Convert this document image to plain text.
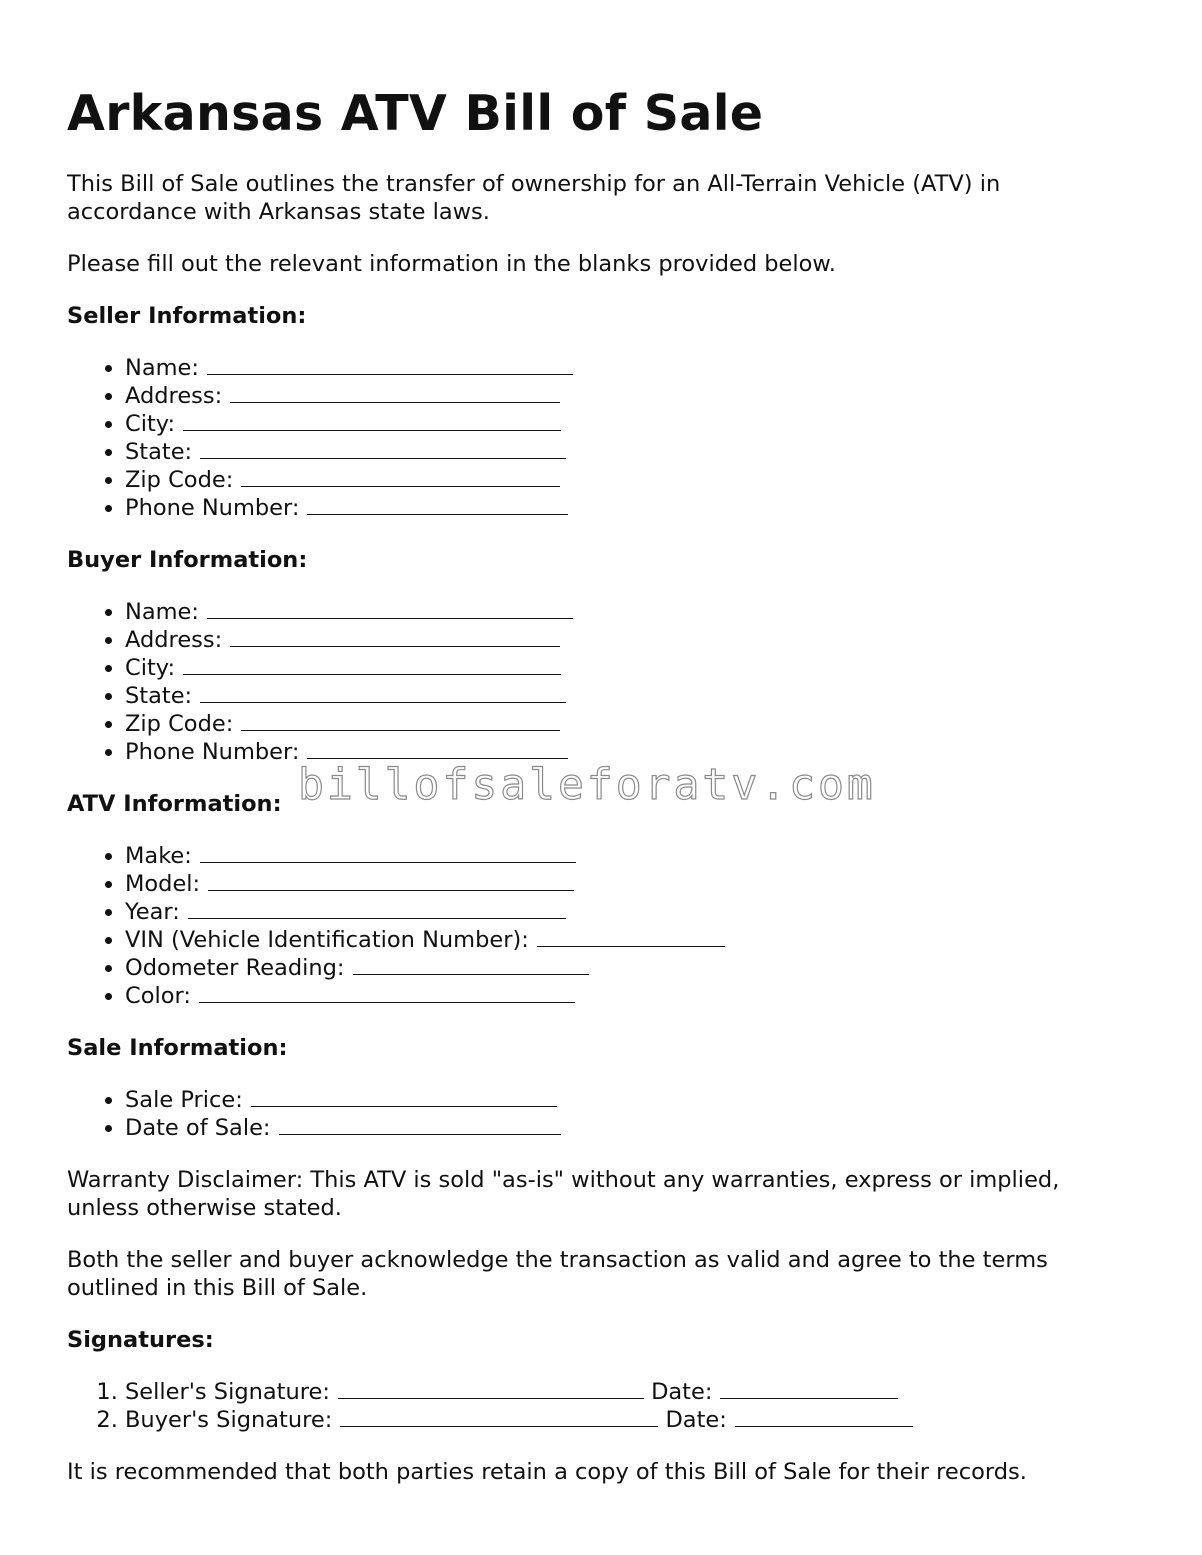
Arkansas ATV Bill of Sale

This Bill of Sale outlines the transfer of ownership for an All-Terrain Vehicle (ATV) in accordance with Arkansas state laws.

Please fill out the relevant information in the blanks provided below.

Seller Information:
• Name:
• Address:
• City:
• State:
• Zip Code:
• Phone Number:
Buyer Information:
• Name:
• Address:
• City:
• State:
• Zip Code:
• Phone Number:
ATV Information:
• Make:
• Model:
• Year:
• VIN (Vehicle Identification Number):
• Odometer Reading:
• Color:
Sale Information:
• Sale Price:
• Date of Sale:

Warranty Disclaimer: This ATV is sold "as-is" without any warranties, express or implied, unless otherwise stated.

Both the seller and buyer acknowledge the transaction as valid and agree to the terms outlined in this Bill of Sale.

Signatures:
1. Seller's Signature:	Date:
2. Buyer's Signature:	Date:

It is recommended that both parties retain a copy of this Bill of Sale for their records.

billofsaleforatv.com
